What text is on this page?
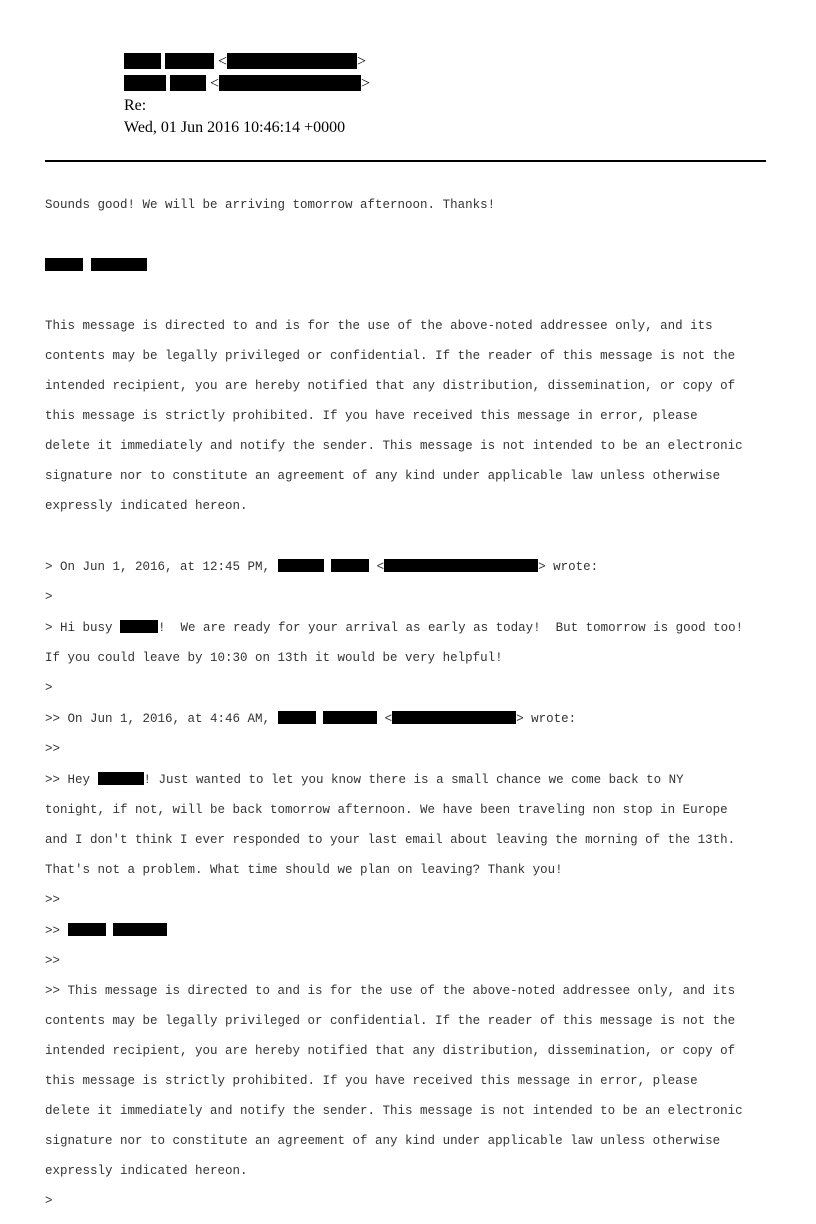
<	>
<	>
Re:
Wed, 01 Jun 2016 10:46:14 +0000

Sounds good! We will be arriving tomorrow afternoon. Thanks!

This message is directed to and is for the use of the above-noted addressee only, and its

contents may be legally privileged or confidential. If the reader of this message is not the

intended recipient, you are hereby notified that any distribution, dissemination, or copy of

this message is strictly prohibited. If you have received this message in error, please

delete it immediately and notify the sender. This message is not intended to be an electronic

signature nor to constitute an agreement of any kind under applicable law unless otherwise

expressly indicated hereon.

> On Jun 1, 2016, at 12:45 PM,	<	> wrote:

>

> Hi busy	!  We are ready for your arrival as early as today!  But tomorrow is good too!

If you could leave by 10:30 on 13th it would be very helpful!

>

>> On Jun 1, 2016, at 4:46 AM,	<	> wrote:

>>

>> Hey	! Just wanted to let you know there is a small chance we come back to NY

tonight, if not, will be back tomorrow afternoon. We have been traveling non stop in Europe

and I don't think I ever responded to your last email about leaving the morning of the 13th.

That's not a problem. What time should we plan on leaving? Thank you!

>>

>>

>>

>> This message is directed to and is for the use of the above-noted addressee only, and its

contents may be legally privileged or confidential. If the reader of this message is not the

intended recipient, you are hereby notified that any distribution, dissemination, or copy of

this message is strictly prohibited. If you have received this message in error, please

delete it immediately and notify the sender. This message is not intended to be an electronic

signature nor to constitute an agreement of any kind under applicable law unless otherwise

expressly indicated hereon.

>
